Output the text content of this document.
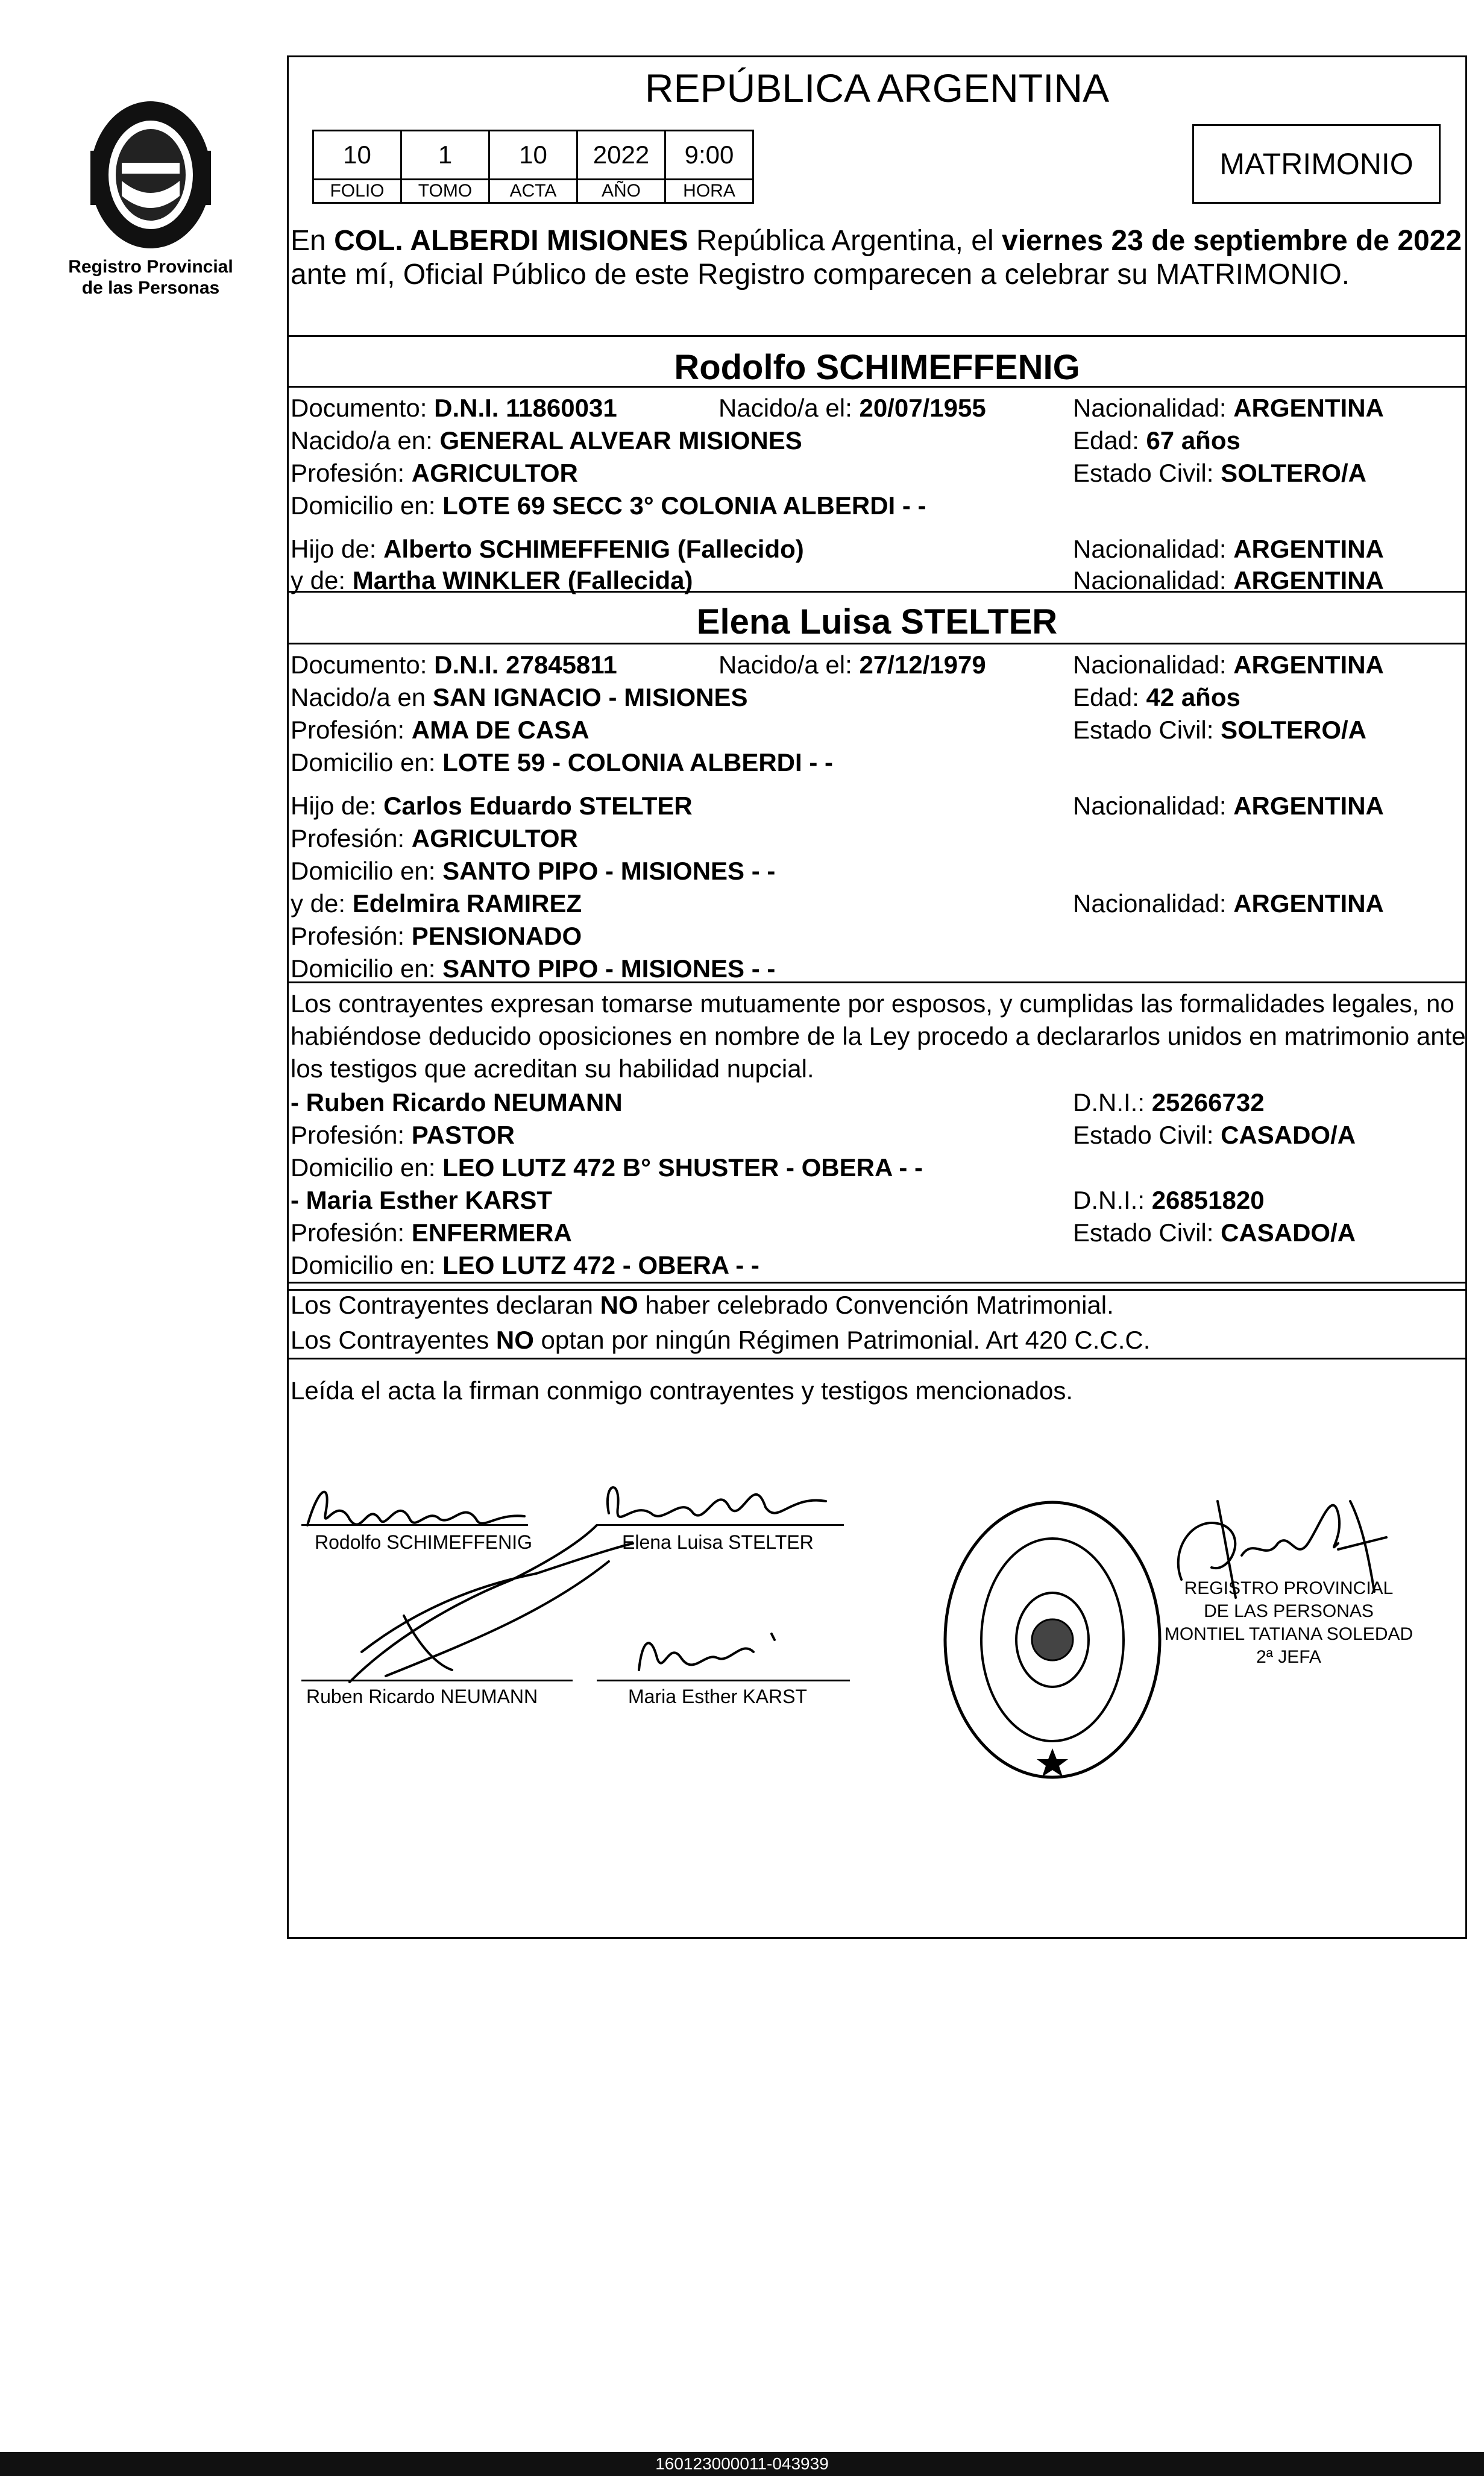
Registro Provincial
de las Personas
REPÚBLICA ARGENTINA
10	1	10	2022	9:00
FOLIO	TOMO	ACTA	AÑO	HORA
MATRIMONIO
En COL. ALBERDI MISIONES República Argentina, el viernes 23 de septiembre de 2022
ante mí, Oficial Público de este Registro comparecen a celebrar su MATRIMONIO.
Rodolfo SCHIMEFFENIG
Documento: D.N.I. 11860031	Nacido/a el: 20/07/1955	Nacionalidad: ARGENTINA
Nacido/a en: GENERAL ALVEAR MISIONES	Edad: 67 años
Profesión: AGRICULTOR	Estado Civil: SOLTERO/A
Domicilio en: LOTE 69 SECC 3° COLONIA ALBERDI - -
Hijo de: Alberto SCHIMEFFENIG (Fallecido)	Nacionalidad: ARGENTINA
y de: Martha WINKLER (Fallecida)	Nacionalidad: ARGENTINA
Elena Luisa STELTER
Documento: D.N.I. 27845811	Nacido/a el: 27/12/1979	Nacionalidad: ARGENTINA
Nacido/a en SAN IGNACIO - MISIONES	Edad: 42 años
Profesión: AMA DE CASA	Estado Civil: SOLTERO/A
Domicilio en: LOTE 59 - COLONIA ALBERDI - -
Hijo de: Carlos Eduardo STELTER	Nacionalidad: ARGENTINA
Profesión: AGRICULTOR
Domicilio en: SANTO PIPO - MISIONES - -
y de: Edelmira RAMIREZ	Nacionalidad: ARGENTINA
Profesión: PENSIONADO
Domicilio en: SANTO PIPO - MISIONES - -
Los contrayentes expresan tomarse mutuamente por esposos, y cumplidas las formalidades legales, no
habiéndose deducido oposiciones en nombre de la Ley procedo a declararlos unidos en matrimonio ante
los testigos que acreditan su habilidad nupcial.
- Ruben Ricardo NEUMANN	D.N.I.: 25266732
Profesión: PASTOR	Estado Civil: CASADO/A
Domicilio en: LEO LUTZ 472 B° SHUSTER - OBERA - -
- Maria Esther KARST	D.N.I.: 26851820
Profesión: ENFERMERA	Estado Civil: CASADO/A
Domicilio en: LEO LUTZ 472 - OBERA - -
Los Contrayentes declaran NO haber celebrado Convención Matrimonial.
Los Contrayentes NO optan por ningún Régimen Patrimonial. Art 420 C.C.C.
Leída el acta la firman conmigo contrayentes y testigos mencionados.
Rodolfo SCHIMEFFENIG	Elena Luisa STELTER
Ruben Ricardo NEUMANN	Maria Esther KARST
REGISTRO PROVINCIAL
DE LAS PERSONAS
MONTIEL TATIANA SOLEDAD
2ª JEFA
160123000011-043939
